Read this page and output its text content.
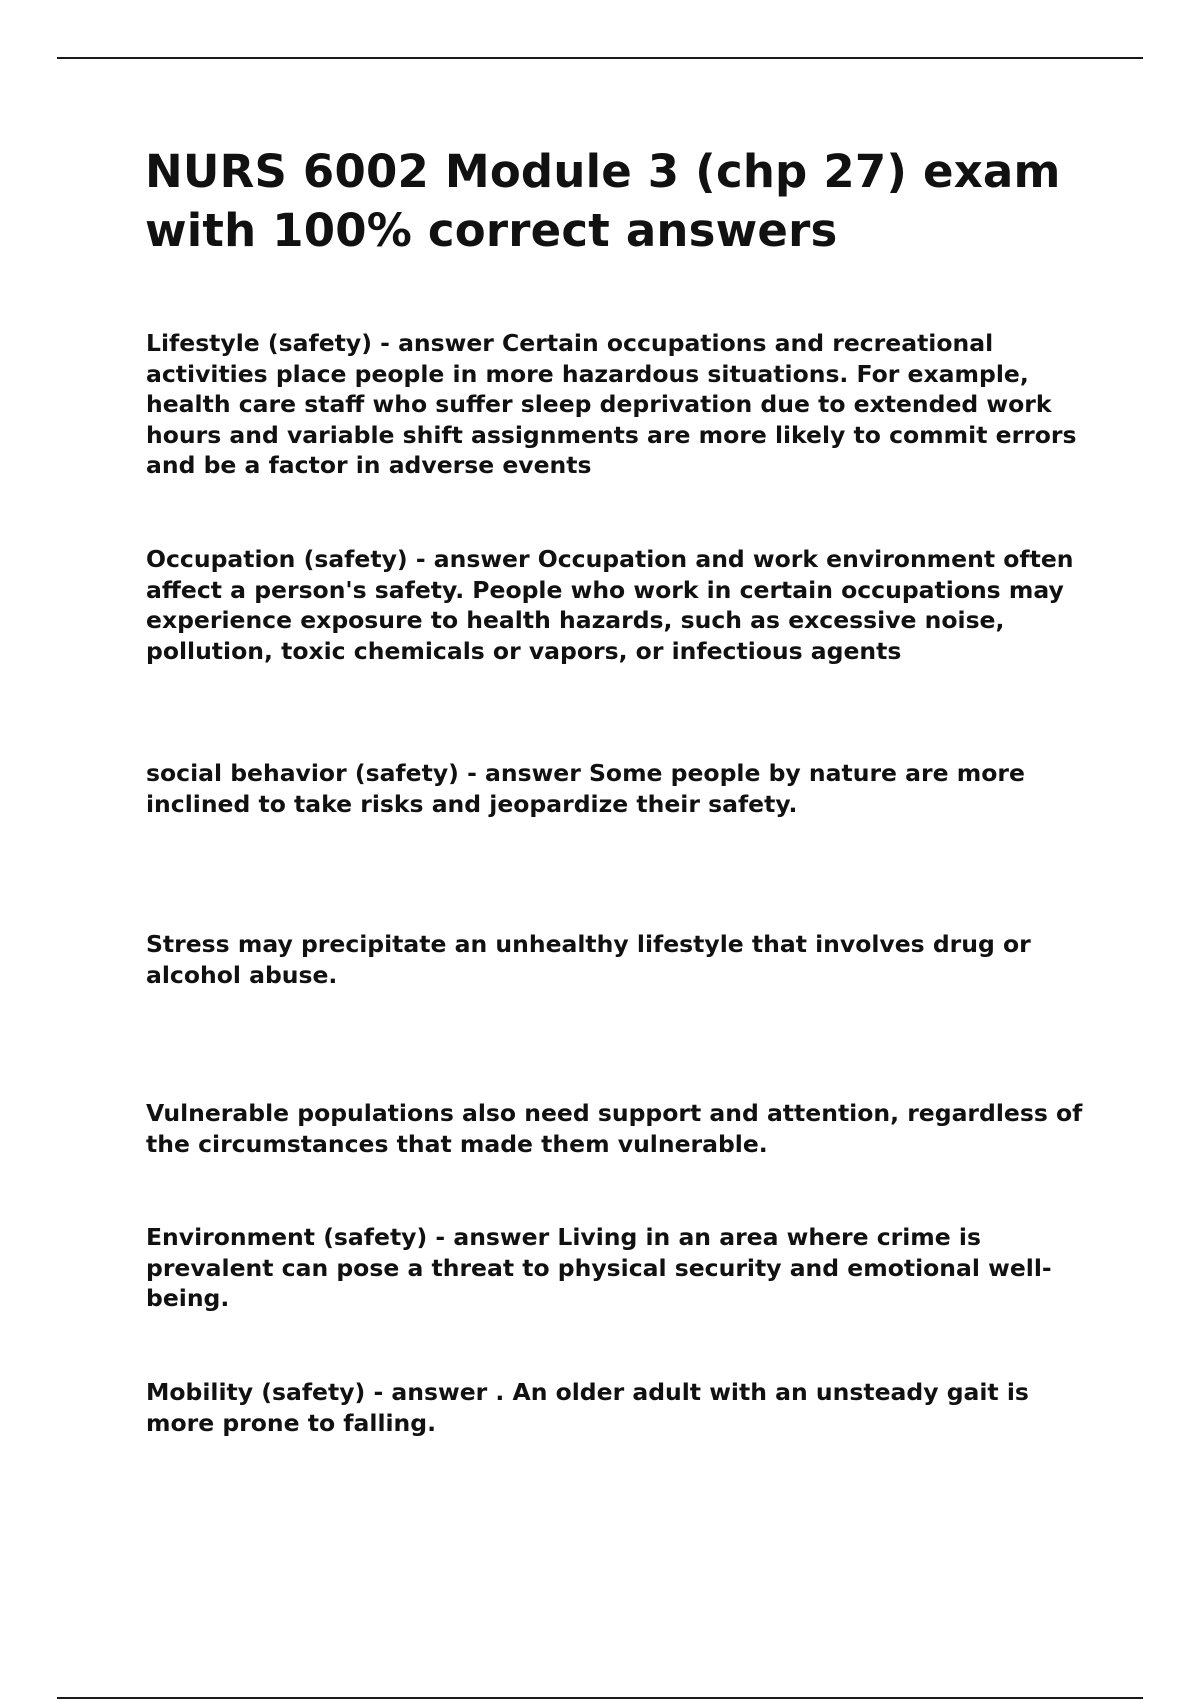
NURS 6002 Module 3 (chp 27) exam with 100% correct answers

Lifestyle (safety) - answer Certain occupations and recreational activities place people in more hazardous situations. For example, health care staff who suffer sleep deprivation due to extended work hours and variable shift assignments are more likely to commit errors and be a factor in adverse events

Occupation (safety) - answer Occupation and work environment often affect a person's safety. People who work in certain occupations may experience exposure to health hazards, such as excessive noise, pollution, toxic chemicals or vapors, or infectious agents

social behavior (safety) - answer Some people by nature are more inclined to take risks and jeopardize their safety.

Stress may precipitate an unhealthy lifestyle that involves drug or alcohol abuse.

Vulnerable populations also need support and attention, regardless of the circumstances that made them vulnerable.

Environment (safety) - answer Living in an area where crime is prevalent can pose a threat to physical security and emotional well-being.

Mobility (safety) - answer . An older adult with an unsteady gait is more prone to falling.
